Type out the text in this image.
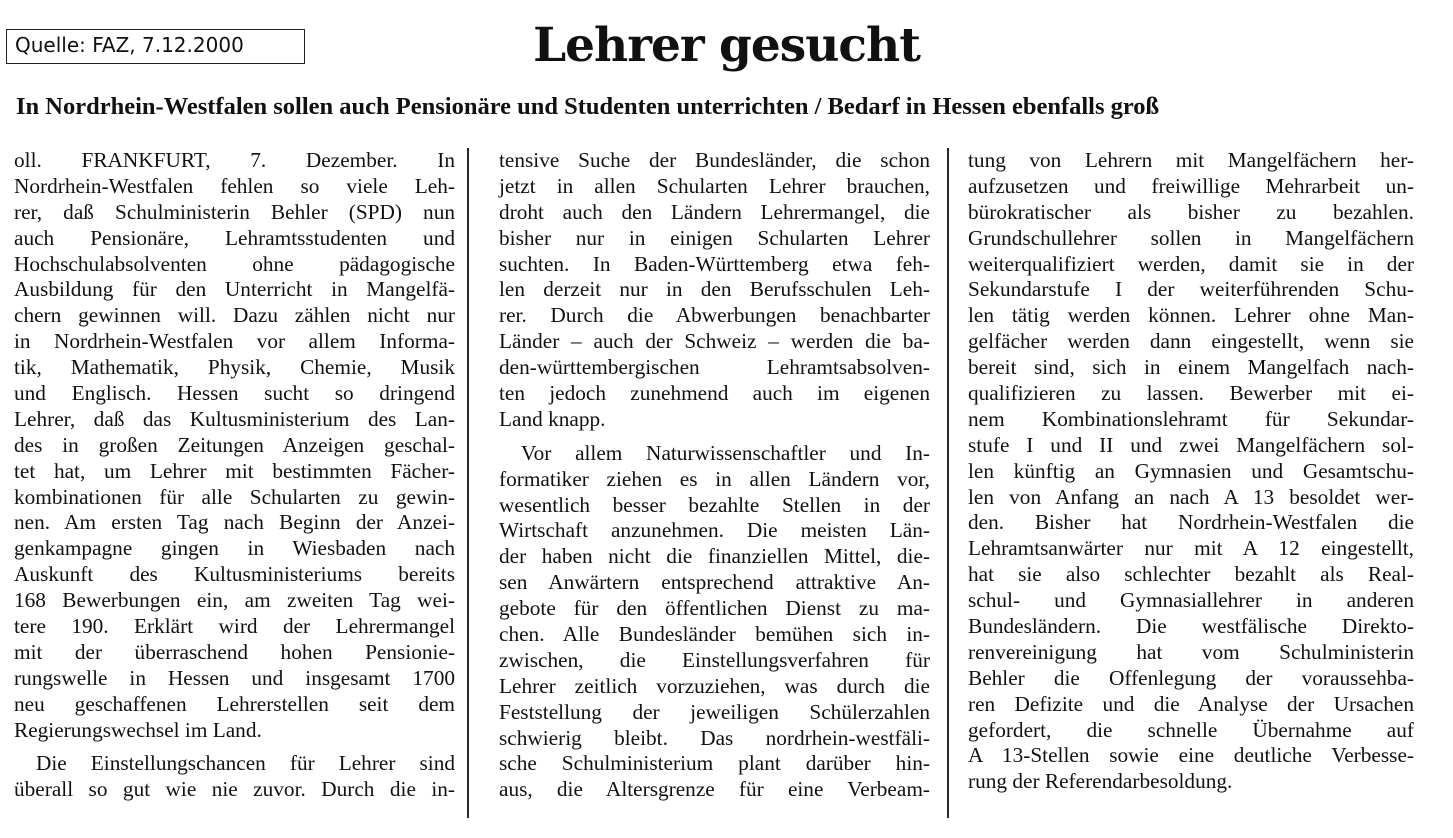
Quelle: FAZ, 7.12.2000	Lehrer gesucht
In Nordrhein-Westfalen sollen auch Pensionäre und Studenten unterrichten / Bedarf in Hessen ebenfalls groß
oll. FRANKFURT, 7. Dezember. In
Nordrhein-Westfalen fehlen so viele Leh-
rer, daß Schulministerin Behler (SPD) nun
auch Pensionäre, Lehramtsstudenten und
Hochschulabsolventen ohne pädagogische
Ausbildung für den Unterricht in Mangelfä-
chern gewinnen will. Dazu zählen nicht nur
in Nordrhein-Westfalen vor allem Informa-
tik, Mathematik, Physik, Chemie, Musik
und Englisch. Hessen sucht so dringend
Lehrer, daß das Kultusministerium des Lan-
des in großen Zeitungen Anzeigen geschal-
tet hat, um Lehrer mit bestimmten Fächer-
kombinationen für alle Schularten zu gewin-
nen. Am ersten Tag nach Beginn der Anzei-
genkampagne gingen in Wiesbaden nach
Auskunft des Kultusministeriums bereits
168 Bewerbungen ein, am zweiten Tag wei-
tere 190. Erklärt wird der Lehrermangel
mit der überraschend hohen Pensionie-
rungswelle in Hessen und insgesamt 1700
neu geschaffenen Lehrerstellen seit dem
Regierungswechsel im Land.
Die Einstellungschancen für Lehrer sind
überall so gut wie nie zuvor. Durch die in-
tensive Suche der Bundesländer, die schon
jetzt in allen Schularten Lehrer brauchen,
droht auch den Ländern Lehrermangel, die
bisher nur in einigen Schularten Lehrer
suchten. In Baden-Württemberg etwa feh-
len derzeit nur in den Berufsschulen Leh-
rer. Durch die Abwerbungen benachbarter
Länder – auch der Schweiz – werden die ba-
den-württembergischen Lehramtsabsolven-
ten jedoch zunehmend auch im eigenen
Land knapp.
Vor allem Naturwissenschaftler und In-
formatiker ziehen es in allen Ländern vor,
wesentlich besser bezahlte Stellen in der
Wirtschaft anzunehmen. Die meisten Län-
der haben nicht die finanziellen Mittel, die-
sen Anwärtern entsprechend attraktive An-
gebote für den öffentlichen Dienst zu ma-
chen. Alle Bundesländer bemühen sich in-
zwischen, die Einstellungsverfahren für
Lehrer zeitlich vorzuziehen, was durch die
Feststellung der jeweiligen Schülerzahlen
schwierig bleibt. Das nordrhein-westfäli-
sche Schulministerium plant darüber hin-
aus, die Altersgrenze für eine Verbeam-
tung von Lehrern mit Mangelfächern her-
aufzusetzen und freiwillige Mehrarbeit un-
bürokratischer als bisher zu bezahlen.
Grundschullehrer sollen in Mangelfächern
weiterqualifiziert werden, damit sie in der
Sekundarstufe I der weiterführenden Schu-
len tätig werden können. Lehrer ohne Man-
gelfächer werden dann eingestellt, wenn sie
bereit sind, sich in einem Mangelfach nach-
qualifizieren zu lassen. Bewerber mit ei-
nem Kombinationslehramt für Sekundar-
stufe I und II und zwei Mangelfächern sol-
len künftig an Gymnasien und Gesamtschu-
len von Anfang an nach A 13 besoldet wer-
den. Bisher hat Nordrhein-Westfalen die
Lehramtsanwärter nur mit A 12 eingestellt,
hat sie also schlechter bezahlt als Real-
schul- und Gymnasiallehrer in anderen
Bundesländern. Die westfälische Direkto-
renvereinigung hat vom Schulministerin
Behler die Offenlegung der voraussehba-
ren Defizite und die Analyse der Ursachen
gefordert, die schnelle Übernahme auf
A 13-Stellen sowie eine deutliche Verbesse-
rung der Referendarbesoldung.
